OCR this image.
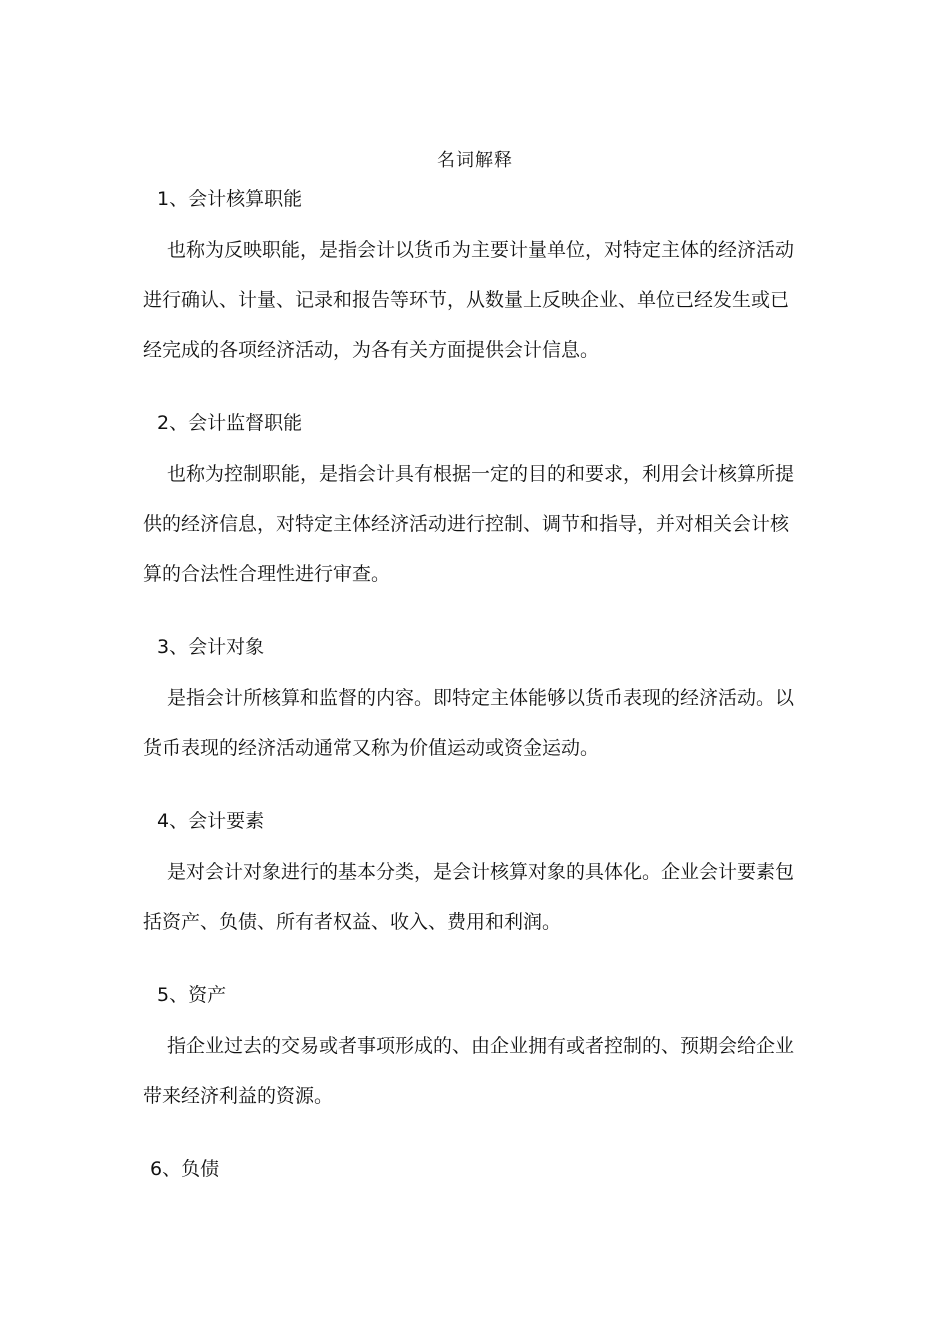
名词解释
1、会计核算职能

也称为反映职能，是指会计以货币为主要计量单位，对特定主体的经济活动进行确认、计量、记录和报告等环节，从数量上反映企业、单位已经发生或已经完成的各项经济活动，为各有关方面提供会计信息。

2、会计监督职能

也称为控制职能，是指会计具有根据一定的目的和要求，利用会计核算所提供的经济信息，对特定主体经济活动进行控制、调节和指导，并对相关会计核算的合法性合理性进行审查。

3、会计对象

是指会计所核算和监督的内容。即特定主体能够以货币表现的经济活动。以货币表现的经济活动通常又称为价值运动或资金运动。

4、会计要素

是对会计对象进行的基本分类，是会计核算对象的具体化。企业会计要素包括资产、负债、所有者权益、收入、费用和利润。

5、资产

指企业过去的交易或者事项形成的、由企业拥有或者控制的、预期会给企业带来经济利益的资源。

6、负债
